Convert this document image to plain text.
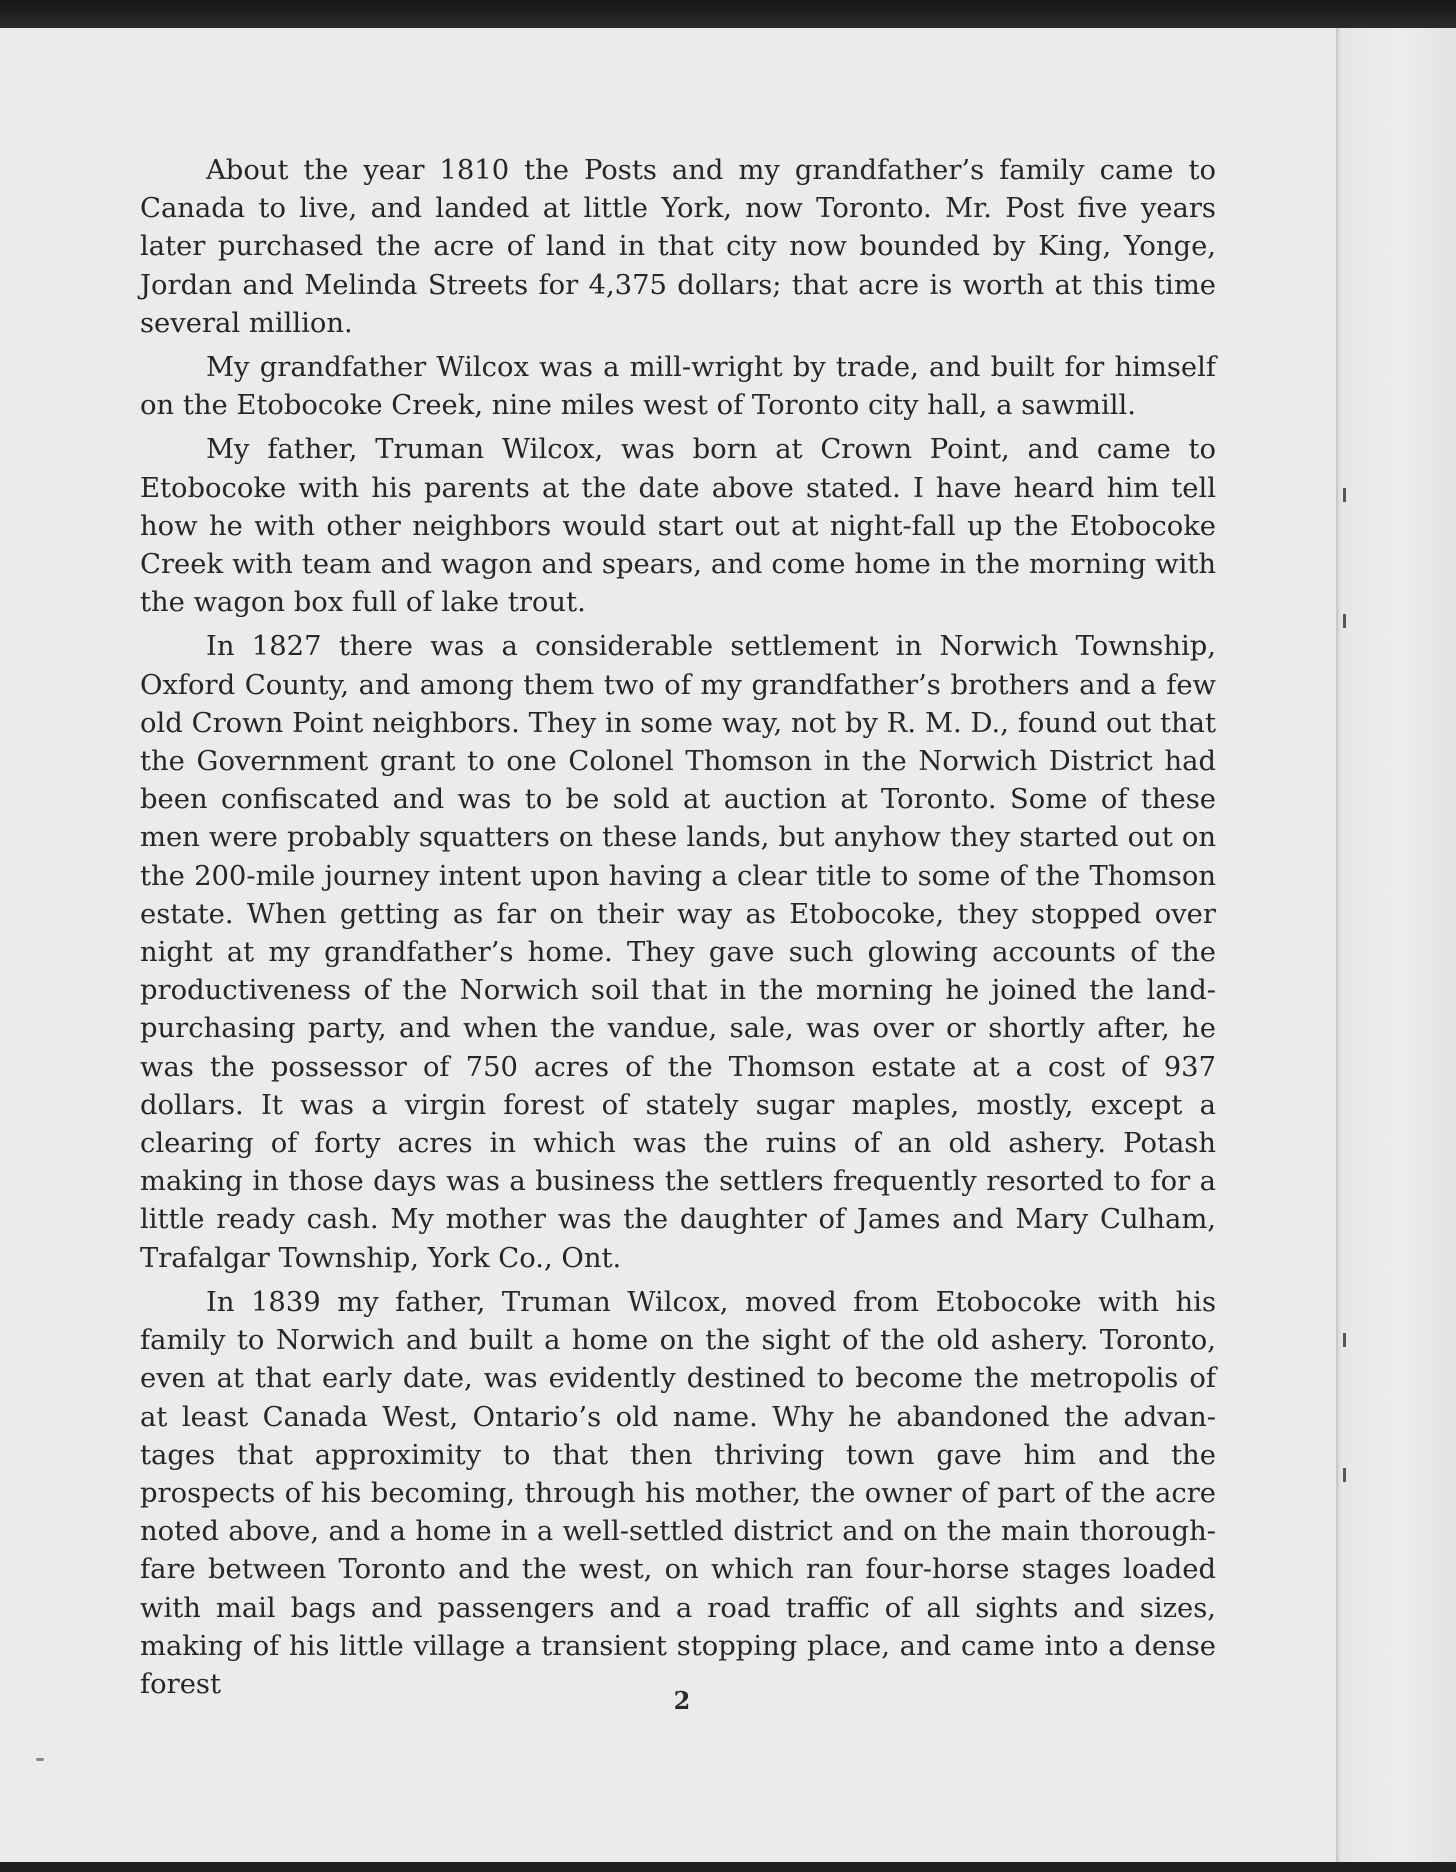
About the year 1810 the Posts and my grandfather’s family came to Canada to live, and landed at little York, now Toronto. Mr. Post five years later purchased the acre of land in that city now bounded by King, Yonge, Jordan and Melinda Streets for 4,375 dollars; that acre is worth at this time several million.

My grandfather Wilcox was a mill-wright by trade, and built for himself on the Etobocoke Creek, nine miles west of Toronto city hall, a sawmill.

My father, Truman Wilcox, was born at Crown Point, and came to Etobocoke with his parents at the date above stated. I have heard him tell how he with other neighbors would start out at night-fall up the Etobocoke Creek with team and wagon and spears, and come home in the morning with the wagon box full of lake trout.

In 1827 there was a considerable settlement in Norwich Township, Oxford County, and among them two of my grandfather’s brothers and a few old Crown Point neighbors. They in some way, not by R. M. D., found out that the Government grant to one Colonel Thomson in the Norwich District had been confiscated and was to be sold at auction at Toronto. Some of these men were probably squatters on these lands, but anyhow they started out on the 200-mile journey intent upon having a clear title to some of the Thomson estate. When getting as far on their way as Etobocoke, they stopped over night at my grandfather’s home. They gave such glowing accounts of the productiveness of the Norwich soil that in the morning he joined the land-purchasing party, and when the vandue, sale, was over or shortly after, he was the possessor of 750 acres of the Thomson estate at a cost of 937 dollars. It was a virgin forest of stately sugar maples, mostly, except a clearing of forty acres in which was the ruins of an old ashery. Potash making in those days was a business the settlers frequently resorted to for a little ready cash. My mother was the daughter of James and Mary Culham, Trafalgar Township, York Co., Ont.

In 1839 my father, Truman Wilcox, moved from Etobocoke with his family to Norwich and built a home on the sight of the old ashery. Toronto, even at that early date, was evidently destined to become the metropolis of at least Canada West, Ontario’s old name. Why he abandoned the advantages that approximity to that then thriving town gave him and the prospects of his becoming, through his mother, the owner of part of the acre noted above, and a home in a well-settled district and on the main thoroughfare between Toronto and the west, on which ran four-horse stages loaded with mail bags and passengers and a road traffic of all sights and sizes, making of his little village a transient stopping place, and came into a dense forest

2
